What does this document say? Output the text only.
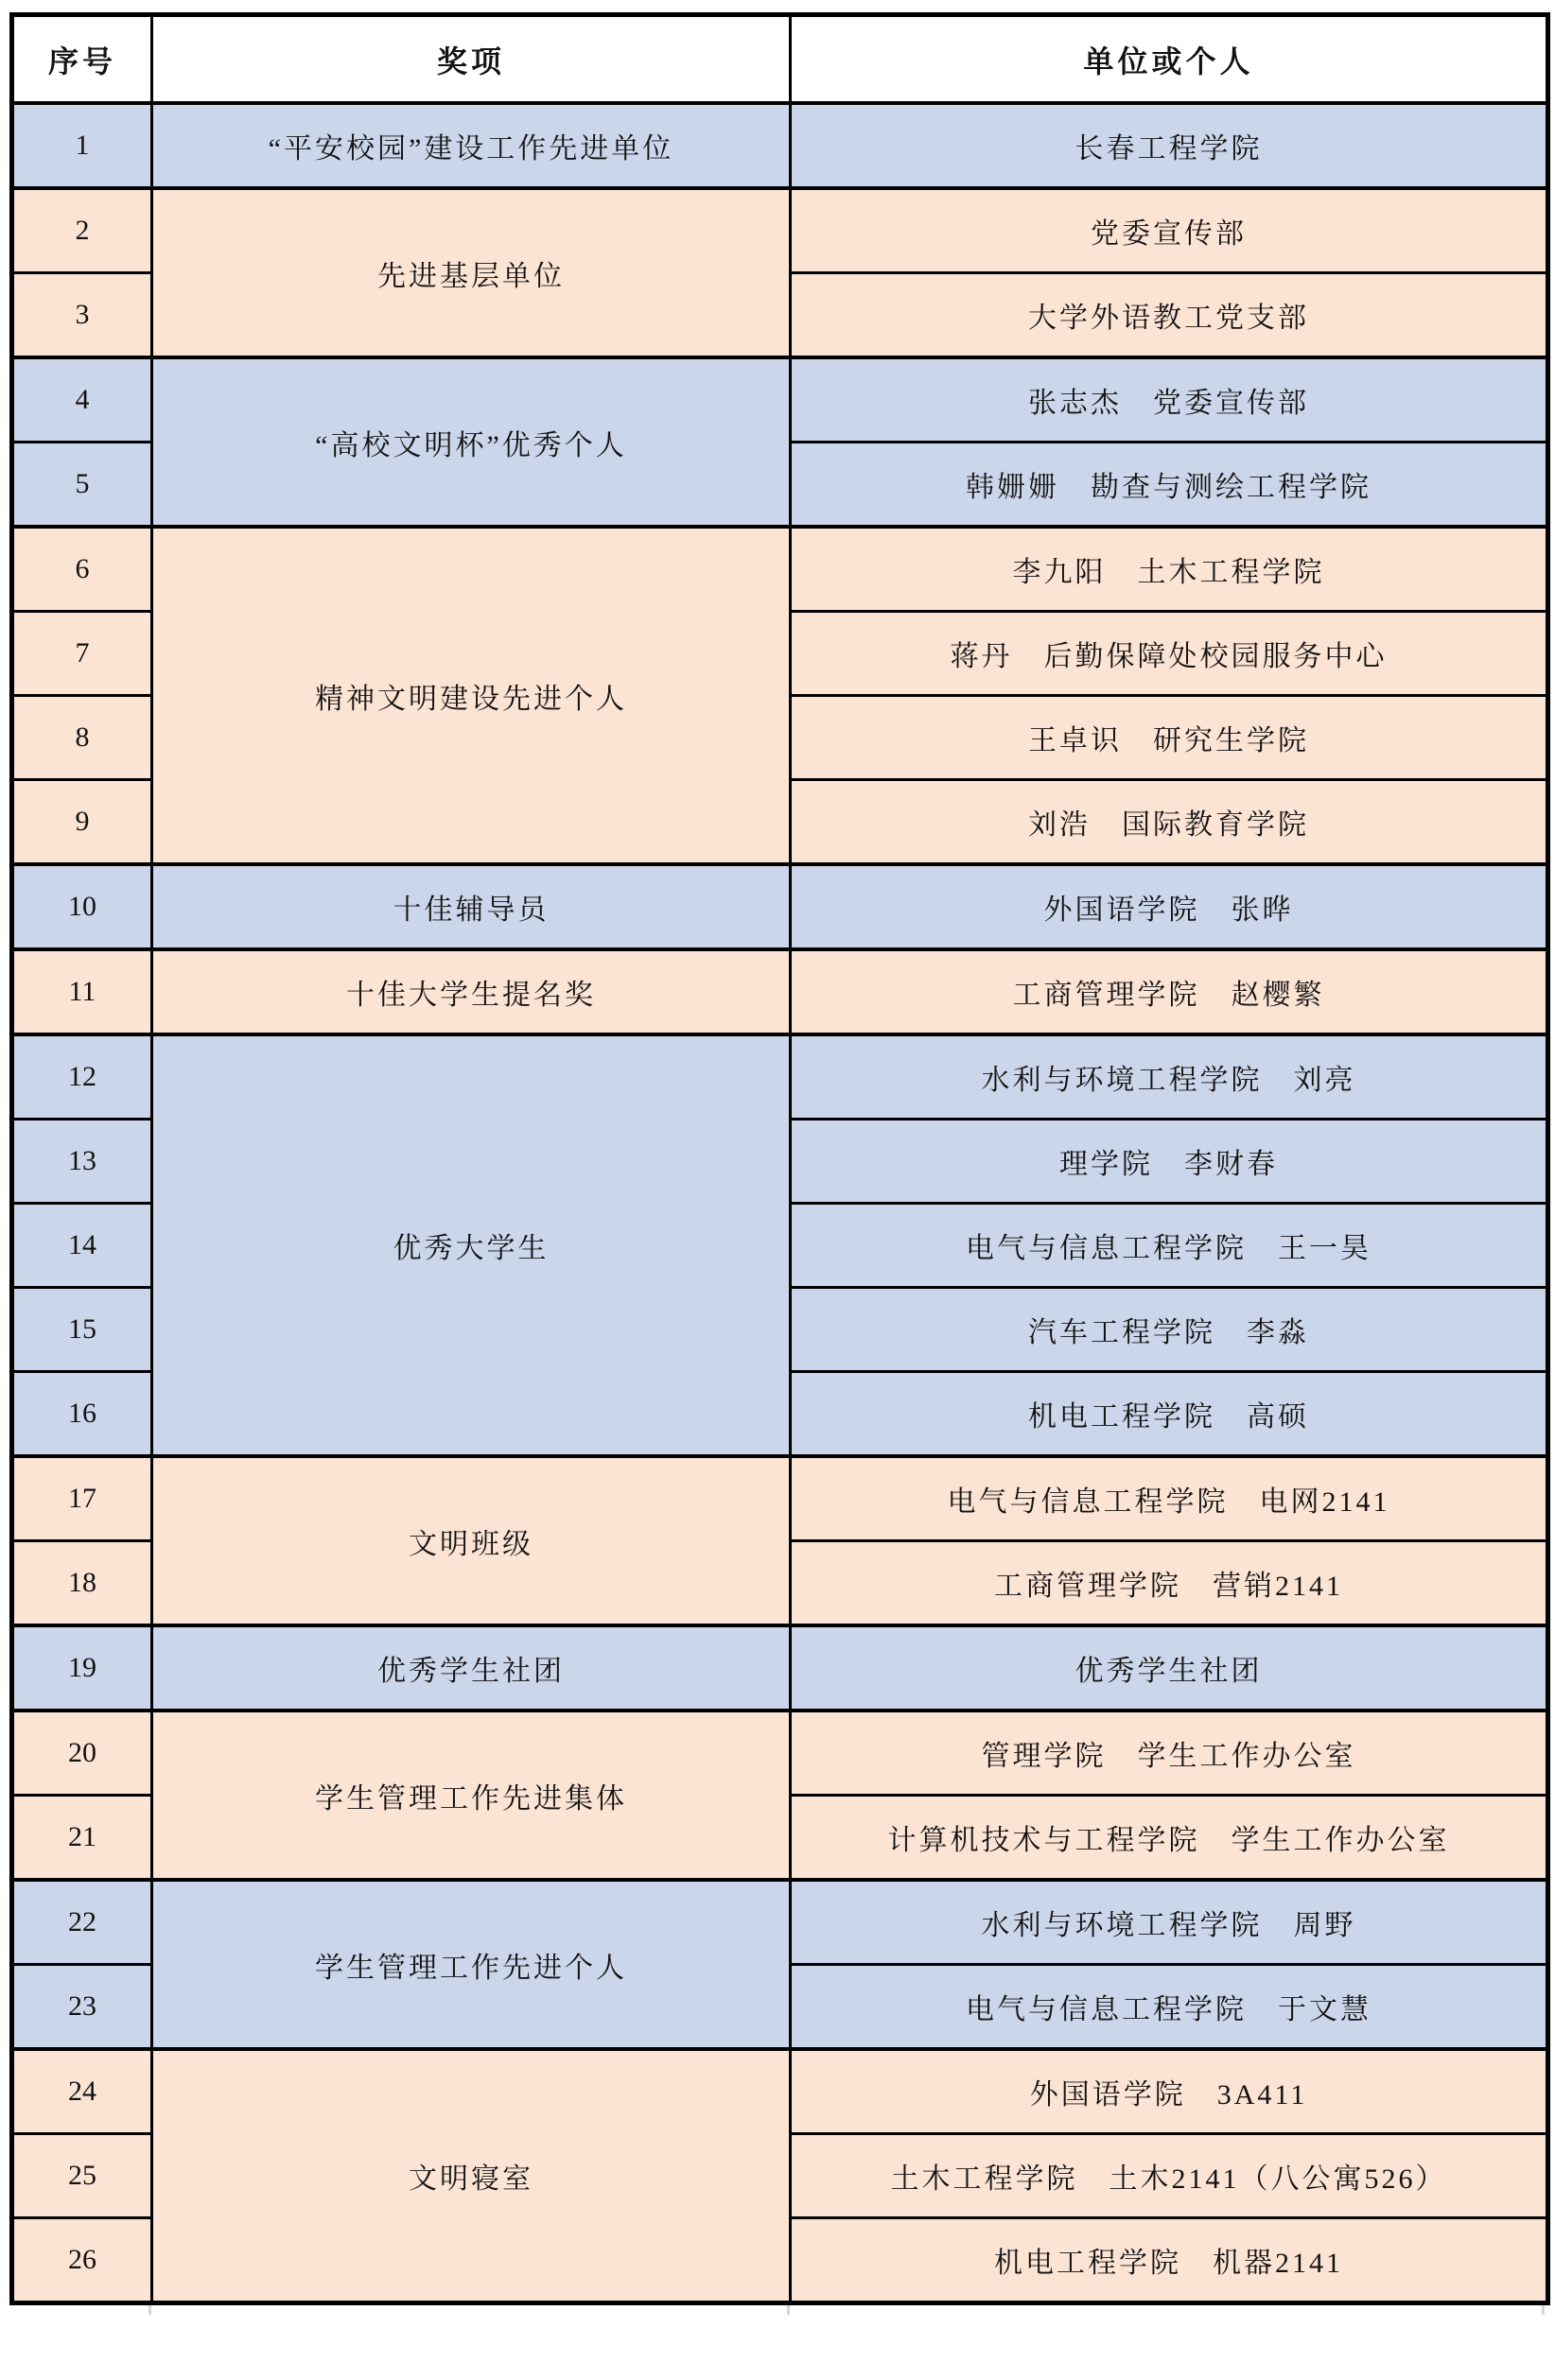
序号	奖项	单位或个人
1	“平安校园”建设工作先进单位	长春工程学院
2	先进基层单位	党委宣传部
3		大学外语教工党支部
4	“高校文明杯”优秀个人	张志杰　党委宣传部
5		韩姗姗　勘查与测绘工程学院
6	精神文明建设先进个人	李九阳　土木工程学院
7		蒋丹　后勤保障处校园服务中心
8		王卓识　研究生学院
9		刘浩　国际教育学院
10	十佳辅导员	外国语学院　张晔
11	十佳大学生提名奖	工商管理学院　赵樱繁
12	优秀大学生	水利与环境工程学院　刘亮
13		理学院　李财春
14		电气与信息工程学院　王一昊
15		汽车工程学院　李淼
16		机电工程学院　高硕
17	文明班级	电气与信息工程学院　电网2141
18		工商管理学院　营销2141
19	优秀学生社团	优秀学生社团
20	学生管理工作先进集体	管理学院　学生工作办公室
21		计算机技术与工程学院　学生工作办公室
22	学生管理工作先进个人	水利与环境工程学院　周野
23		电气与信息工程学院　于文慧
24	文明寝室	外国语学院　3A411
25		土木工程学院　土木2141（八公寓526）
26		机电工程学院　机器2141
